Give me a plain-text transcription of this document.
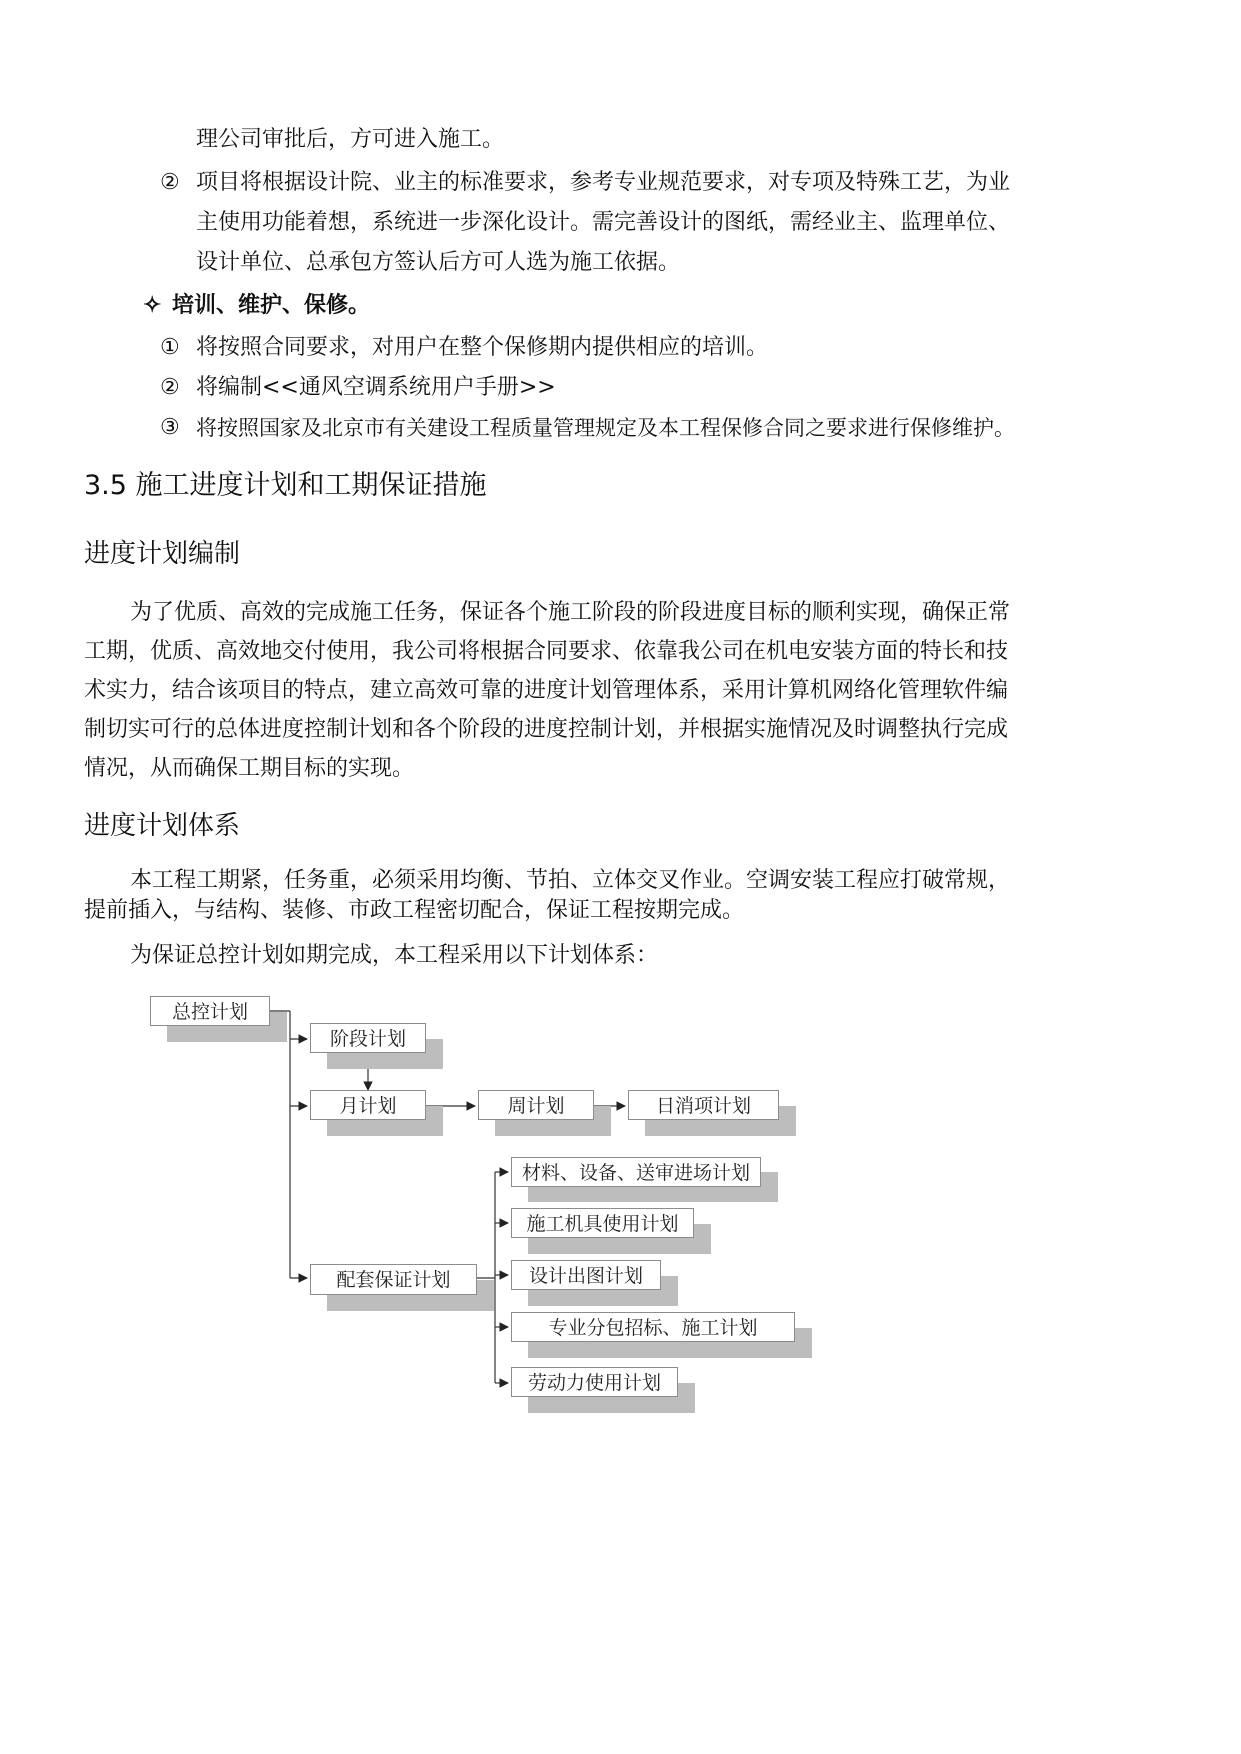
理公司审批后，方可进入施工。
② 项目将根据设计院、业主的标准要求，参考专业规范要求，对专项及特殊工艺，为业
主使用功能着想，系统进一步深化设计。需完善设计的图纸，需经业主、监理单位、
设计单位、总承包方签认后方可人选为施工依据。
✧ 培训、维护、保修。
① 将按照合同要求，对用户在整个保修期内提供相应的培训。
② 将编制<<通风空调系统用户手册>>
③ 将按照国家及北京市有关建设工程质量管理规定及本工程保修合同之要求进行保修维护。
3.5 施工进度计划和工期保证措施
进度计划编制
为了优质、高效的完成施工任务，保证各个施工阶段的阶段进度目标的顺利实现，确保正常
工期，优质、高效地交付使用，我公司将根据合同要求、依靠我公司在机电安装方面的特长和技
术实力，结合该项目的特点，建立高效可靠的进度计划管理体系，采用计算机网络化管理软件编
制切实可行的总体进度控制计划和各个阶段的进度控制计划，并根据实施情况及时调整执行完成
情况，从而确保工期目标的实现。
进度计划体系
本工程工期紧，任务重，必须采用均衡、节拍、立体交叉作业。空调安装工程应打破常规，
提前插入，与结构、装修、市政工程密切配合，保证工程按期完成。
为保证总控计划如期完成，本工程采用以下计划体系：
总控计划
阶段计划
月计划	周计划	日消项计划
配套保证计划
材料、设备、送审进场计划
施工机具使用计划
设计出图计划
专业分包招标、施工计划
劳动力使用计划
